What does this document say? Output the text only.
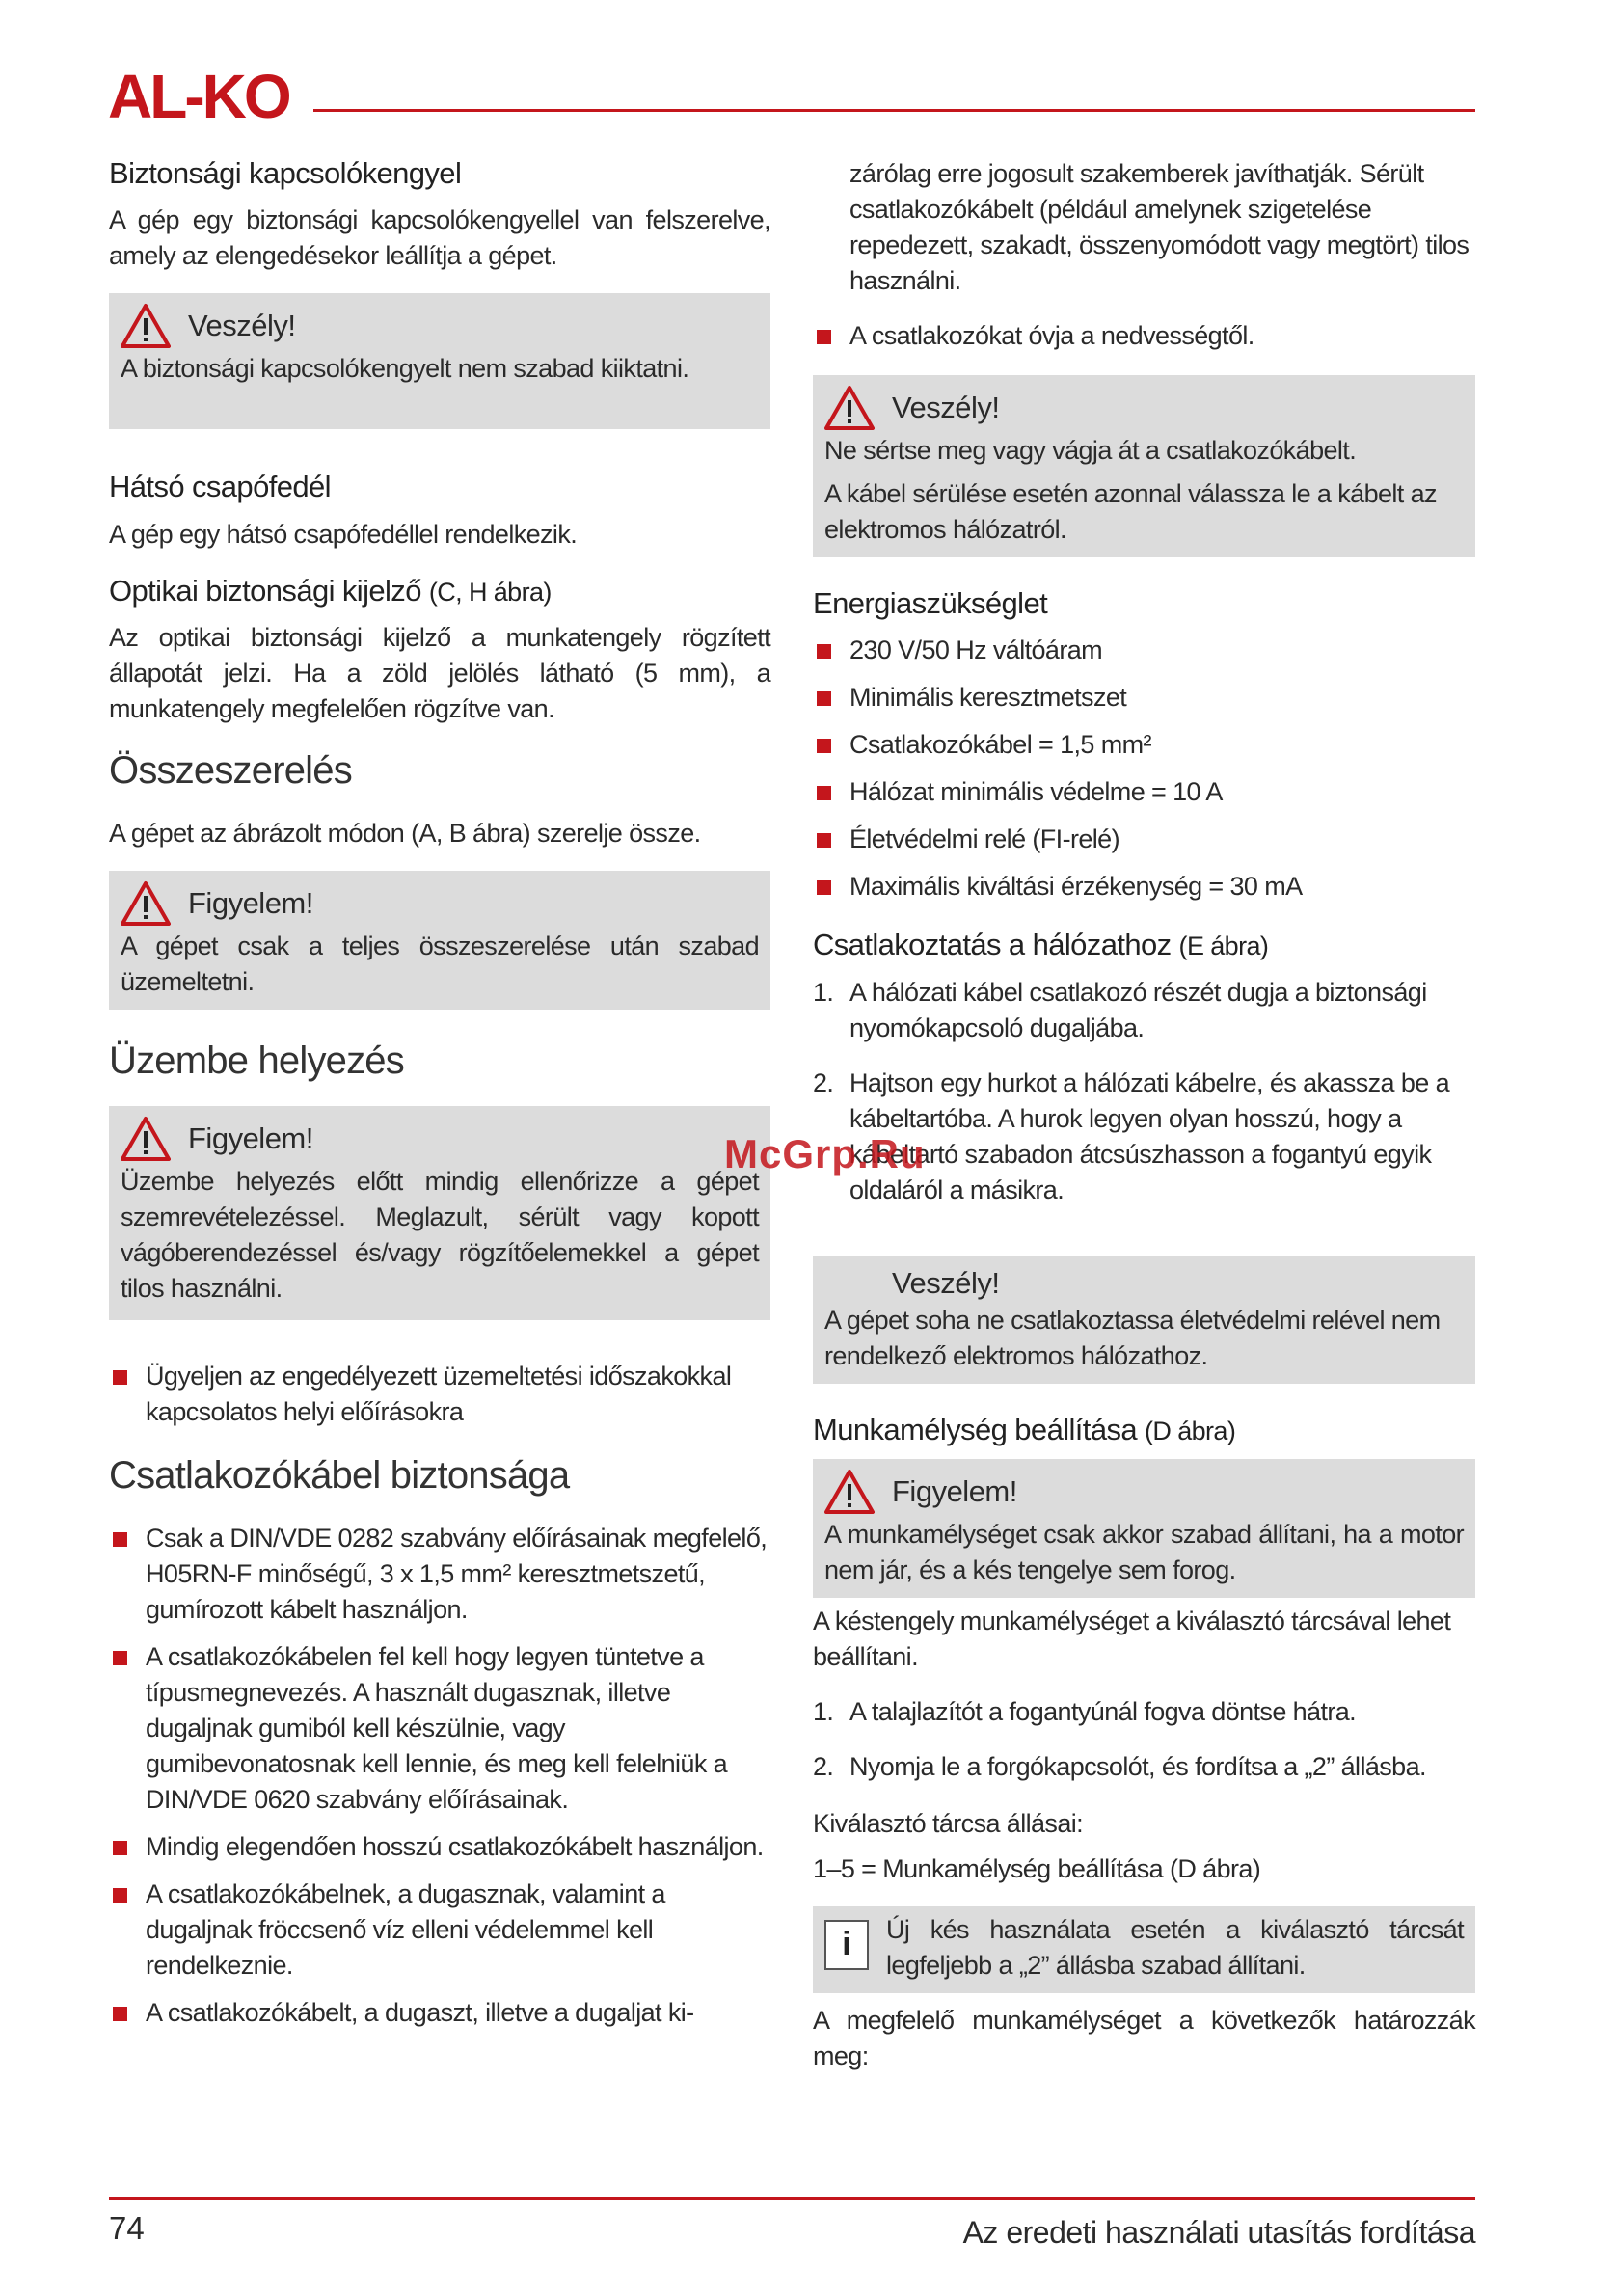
AL-KO
Biztonsági kapcsolókengyel

A gép egy biztonsági kapcsolókengyellel van felszerelve, amely az elengedésekor leállítja a gépet.

Veszély!

A biztonsági kapcsolókengyelt nem szabad kiiktatni.

Hátsó csapófedél

A gép egy hátsó csapófedéllel rendelkezik.

Optikai biztonsági kijelző (C, H ábra)

Az optikai biztonsági kijelző a munkatengely rögzített állapotát jelzi. Ha a zöld jelölés látható (5 mm), a munkatengely megfelelően rögzítve van.

Összeszerelés

A gépet az ábrázolt módon (A, B ábra) szerelje össze.

Figyelem!

A gépet csak a teljes összeszerelése után szabad üzemeltetni.

Üzembe helyezés
Figyelem!

Üzembe helyezés előtt mindig ellenőrizze a gépet szemrevételezéssel. Meglazult, sérült vagy kopott vágóberendezéssel és/vagy rögzítőelemekkel a gépet tilos használni.

Ügyeljen az engedélyezett üzemeltetési időszakokkal kapcsolatos helyi előírásokra
Csatlakozókábel biztonsága
Csak a DIN/VDE 0282 szabvány előírásainak megfelelő, H05RN-F minőségű, 3 x 1,5 mm² keresztmetszetű, gumírozott kábelt használjon.
A csatlakozókábelen fel kell hogy legyen tüntetve a típusmegnevezés. A használt dugasznak, illetve dugaljnak gumiból kell készülnie, vagy gumibevonatosnak kell lennie, és meg kell felelniük a DIN/VDE 0620 szabvány előírásainak.
Mindig elegendően hosszú csatlakozókábelt használjon.
A csatlakozókábelnek, a dugasznak, valamint a dugaljnak fröccsenő víz elleni védelemmel kell rendelkeznie.
A csatlakozókábelt, a dugaszt, illetve a dugaljat ki-

zárólag erre jogosult szakemberek javíthatják. Sérült csatlakozókábelt (például amelynek szigetelése repedezett, szakadt, összenyomódott vagy megtört) tilos használni.

A csatlakozókat óvja a nedvességtől.
Veszély!

Ne sértse meg vagy vágja át a csatlakozókábelt.

A kábel sérülése esetén azonnal válassza le a kábelt az elektromos hálózatról.

Energiaszükséglet
230 V/50 Hz váltóáram
Minimális keresztmetszet
Csatlakozókábel = 1,5 mm²
Hálózat minimális védelme = 10 A
Életvédelmi relé (FI-relé)
Maximális kiváltási érzékenység = 30 mA
Csatlakoztatás a hálózathoz (E ábra)
1. A hálózati kábel csatlakozó részét dugja a biztonsági nyomókapcsoló dugaljába.
2. Hajtson egy hurkot a hálózati kábelre, és akassza be a kábeltartóba. A hurok legyen olyan hosszú, hogy a kábeltartó szabadon átcsúszhasson a fogantyú egyik oldaláról a másikra.
Veszély!

A gépet soha ne csatlakoztassa életvédelmi relével nem rendelkező elektromos hálózathoz.

Munkamélység beállítása (D ábra)
Figyelem!

A munkamélységet csak akkor szabad állítani, ha a motor nem jár, és a kés tengelye sem forog.

A késtengely munkamélységet a kiválasztó tárcsával lehet beállítani.

1. A talajlazítót a fogantyúnál fogva döntse hátra.
2. Nyomja le a forgókapcsolót, és fordítsa a „2” állásba.

Kiválasztó tárcsa állásai:

1–5 = Munkamélység beállítása (D ábra)

i	Új kés használata esetén a kiválasztó tárcsát legfeljebb a „2” állásba szabad állítani.

A megfelelő munkamélységet a következők határozzák meg:

McGrp.Ru
74	Az eredeti használati utasítás fordítása
